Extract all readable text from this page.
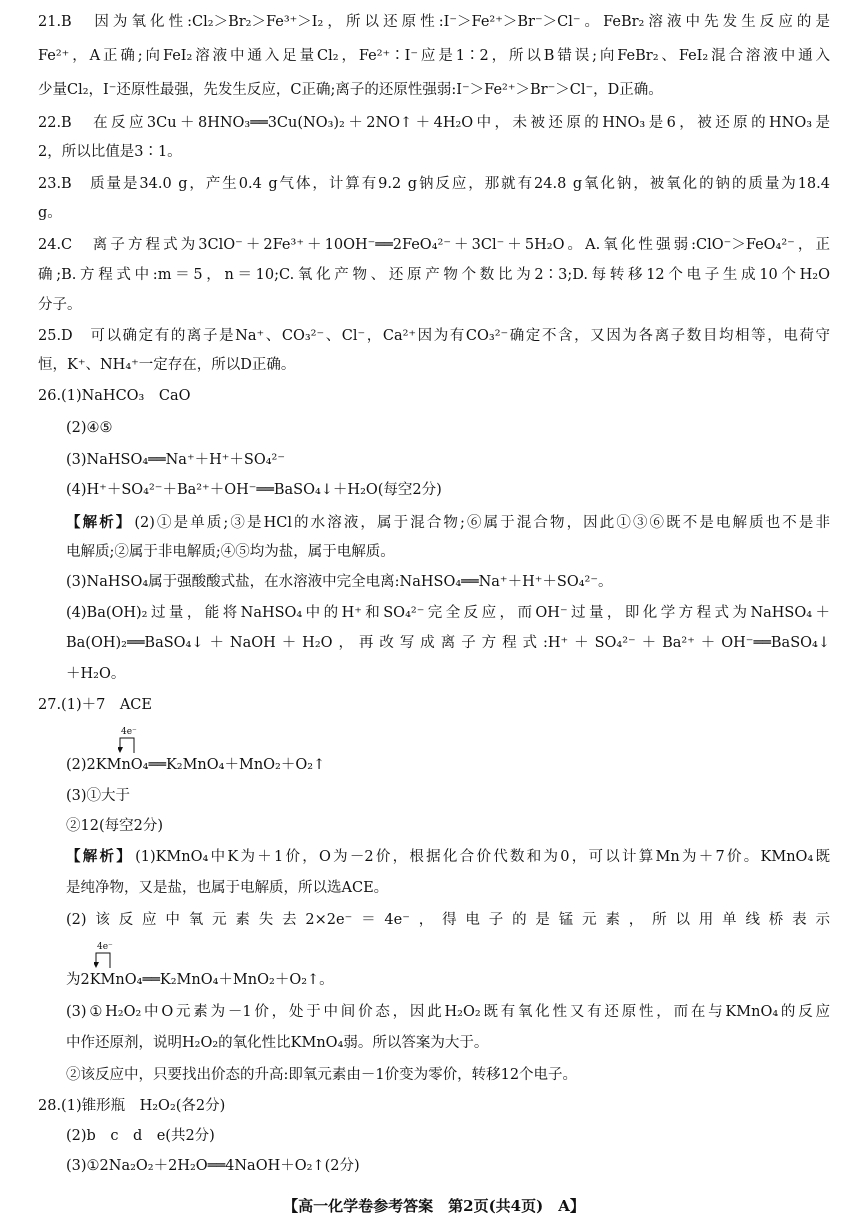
21.B　因为氧化性:Cl₂＞Br₂＞Fe³⁺＞I₂，所以还原性:I⁻＞Fe²⁺＞Br⁻＞Cl⁻。FeBr₂溶液中先发生反应的是
Fe²⁺，A正确;向FeI₂溶液中通入足量Cl₂，Fe²⁺∶I⁻应是1∶2，所以B错误;向FeBr₂、FeI₂混合溶液中通入
少量Cl₂，I⁻还原性最强，先发生反应，C正确;离子的还原性强弱:I⁻＞Fe²⁺＞Br⁻＞Cl⁻，D正确。
22.B　在反应3Cu＋8HNO₃══3Cu(NO₃)₂＋2NO↑＋4H₂O中，未被还原的HNO₃是6，被还原的HNO₃是
2，所以比值是3∶1。
23.B　质量是34.0 g，产生0.4 g气体，计算有9.2 g钠反应，那就有24.8 g氧化钠，被氧化的钠的质量为18.4
g。
24.C　离子方程式为3ClO⁻＋2Fe³⁺＋10OH⁻══2FeO₄²⁻＋3Cl⁻＋5H₂O。A.氧化性强弱:ClO⁻＞FeO₄²⁻，正
确;B.方程式中:m＝5，n＝10;C.氧化产物、还原产物个数比为2∶3;D.每转移12个电子生成10个H₂O
分子。
25.D　可以确定有的离子是Na⁺、CO₃²⁻、Cl⁻，Ca²⁺因为有CO₃²⁻确定不含，又因为各离子数目均相等，电荷守
恒，K⁺、NH₄⁺一定存在，所以D正确。
26.(1)NaHCO₃　CaO
(2)④⑤
(3)NaHSO₄══Na⁺＋H⁺＋SO₄²⁻
(4)H⁺＋SO₄²⁻＋Ba²⁺＋OH⁻══BaSO₄↓＋H₂O(每空2分)
【解析】 (2)①是单质;③是HCl的水溶液，属于混合物;⑥属于混合物，因此①③⑥既不是电解质也不是非
电解质;②属于非电解质;④⑤均为盐，属于电解质。
(3)NaHSO₄属于强酸酸式盐，在水溶液中完全电离:NaHSO₄══Na⁺＋H⁺＋SO₄²⁻。
(4)Ba(OH)₂过量，能将NaHSO₄中的H⁺和SO₄²⁻完全反应，而OH⁻过量，即化学方程式为NaHSO₄＋
Ba(OH)₂══BaSO₄↓＋NaOH＋H₂O，再改写成离子方程式:H⁺＋SO₄²⁻＋Ba²⁺＋OH⁻══BaSO₄↓
＋H₂O。
27.(1)＋7　ACE
4e⁻
(2)2KMnO₄══K₂MnO₄＋MnO₂＋O₂↑
(3)①大于
②12(每空2分)
【解析】 (1)KMnO₄中K为＋1价，O为－2价，根据化合价代数和为0，可以计算Mn为＋7价。KMnO₄既
是纯净物，又是盐，也属于电解质，所以选ACE。
(2)该反应中氧元素失去2×2e⁻＝4e⁻，得电子的是锰元素，所以用单线桥表示
4e⁻
为2KMnO₄══K₂MnO₄＋MnO₂＋O₂↑。
(3)①H₂O₂中O元素为－1价，处于中间价态，因此H₂O₂既有氧化性又有还原性，而在与KMnO₄的反应
中作还原剂，说明H₂O₂的氧化性比KMnO₄弱。所以答案为大于。
②该反应中，只要找出价态的升高:即氧元素由－1价变为零价，转移12个电子。
28.(1)锥形瓶　H₂O₂(各2分)
(2)b　c　d　e(共2分)
(3)①2Na₂O₂＋2H₂O══4NaOH＋O₂↑(2分)
【高一化学卷参考答案　第2页(共4页)　A】
